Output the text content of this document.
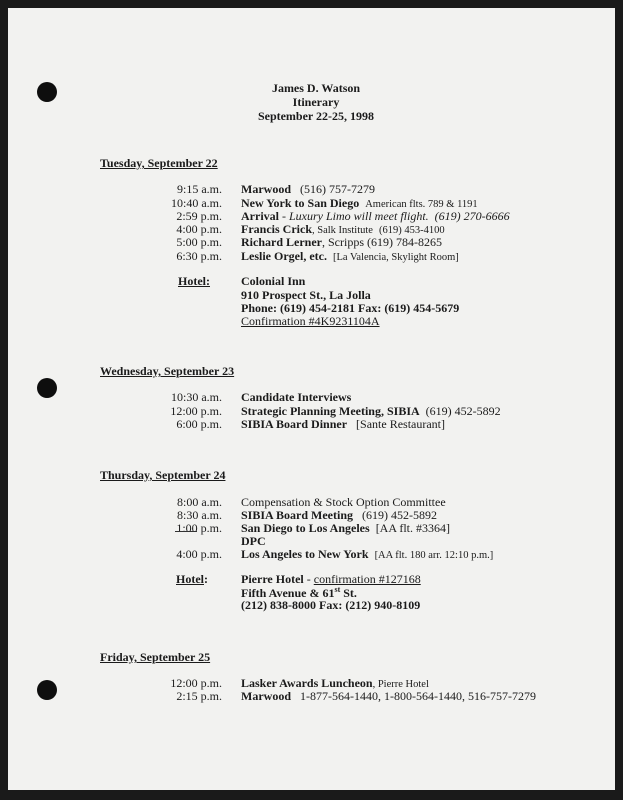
James D. Watson
Itinerary
September 22-25, 1998
Tuesday, September 22
9:15 a.m. Marwood (516) 757-7279
10:40 a.m. New York to San Diego American flts. 789 & 1191
2:59 p.m. Arrival - Luxury Limo will meet flight. (619) 270-6666
4:00 p.m. Francis Crick, Salk Institute (619) 453-4100
5:00 p.m. Richard Lerner, Scripps (619) 784-8265
6:30 p.m. Leslie Orgel, etc. [La Valencia, Skylight Room]
Hotel:	Colonial Inn
910 Prospect St., La Jolla
Phone: (619) 454-2181 Fax: (619) 454-5679
Confirmation #4K9231104A
Wednesday, September 23
10:30 a.m. Candidate Interviews
12:00 p.m. Strategic Planning Meeting, SIBIA (619) 452-5892
6:00 p.m. SIBIA Board Dinner [Sante Restaurant]
Thursday, September 24
8:00 a.m. Compensation & Stock Option Committee
8:30 a.m. SIBIA Board Meeting (619) 452-5892
1:00 p.m. San Diego to Los Angeles [AA flt. #3364]
DPC
4:00 p.m. Los Angeles to New York [AA flt. 180 arr. 12:10 p.m.]
Hotel:	Pierre Hotel - confirmation #127168
Fifth Avenue & 61st St.
(212) 838-8000 Fax: (212) 940-8109
Friday, September 25
12:00 p.m. Lasker Awards Luncheon, Pierre Hotel
2:15 p.m. Marwood 1-877-564-1440, 1-800-564-1440, 516-757-7279
